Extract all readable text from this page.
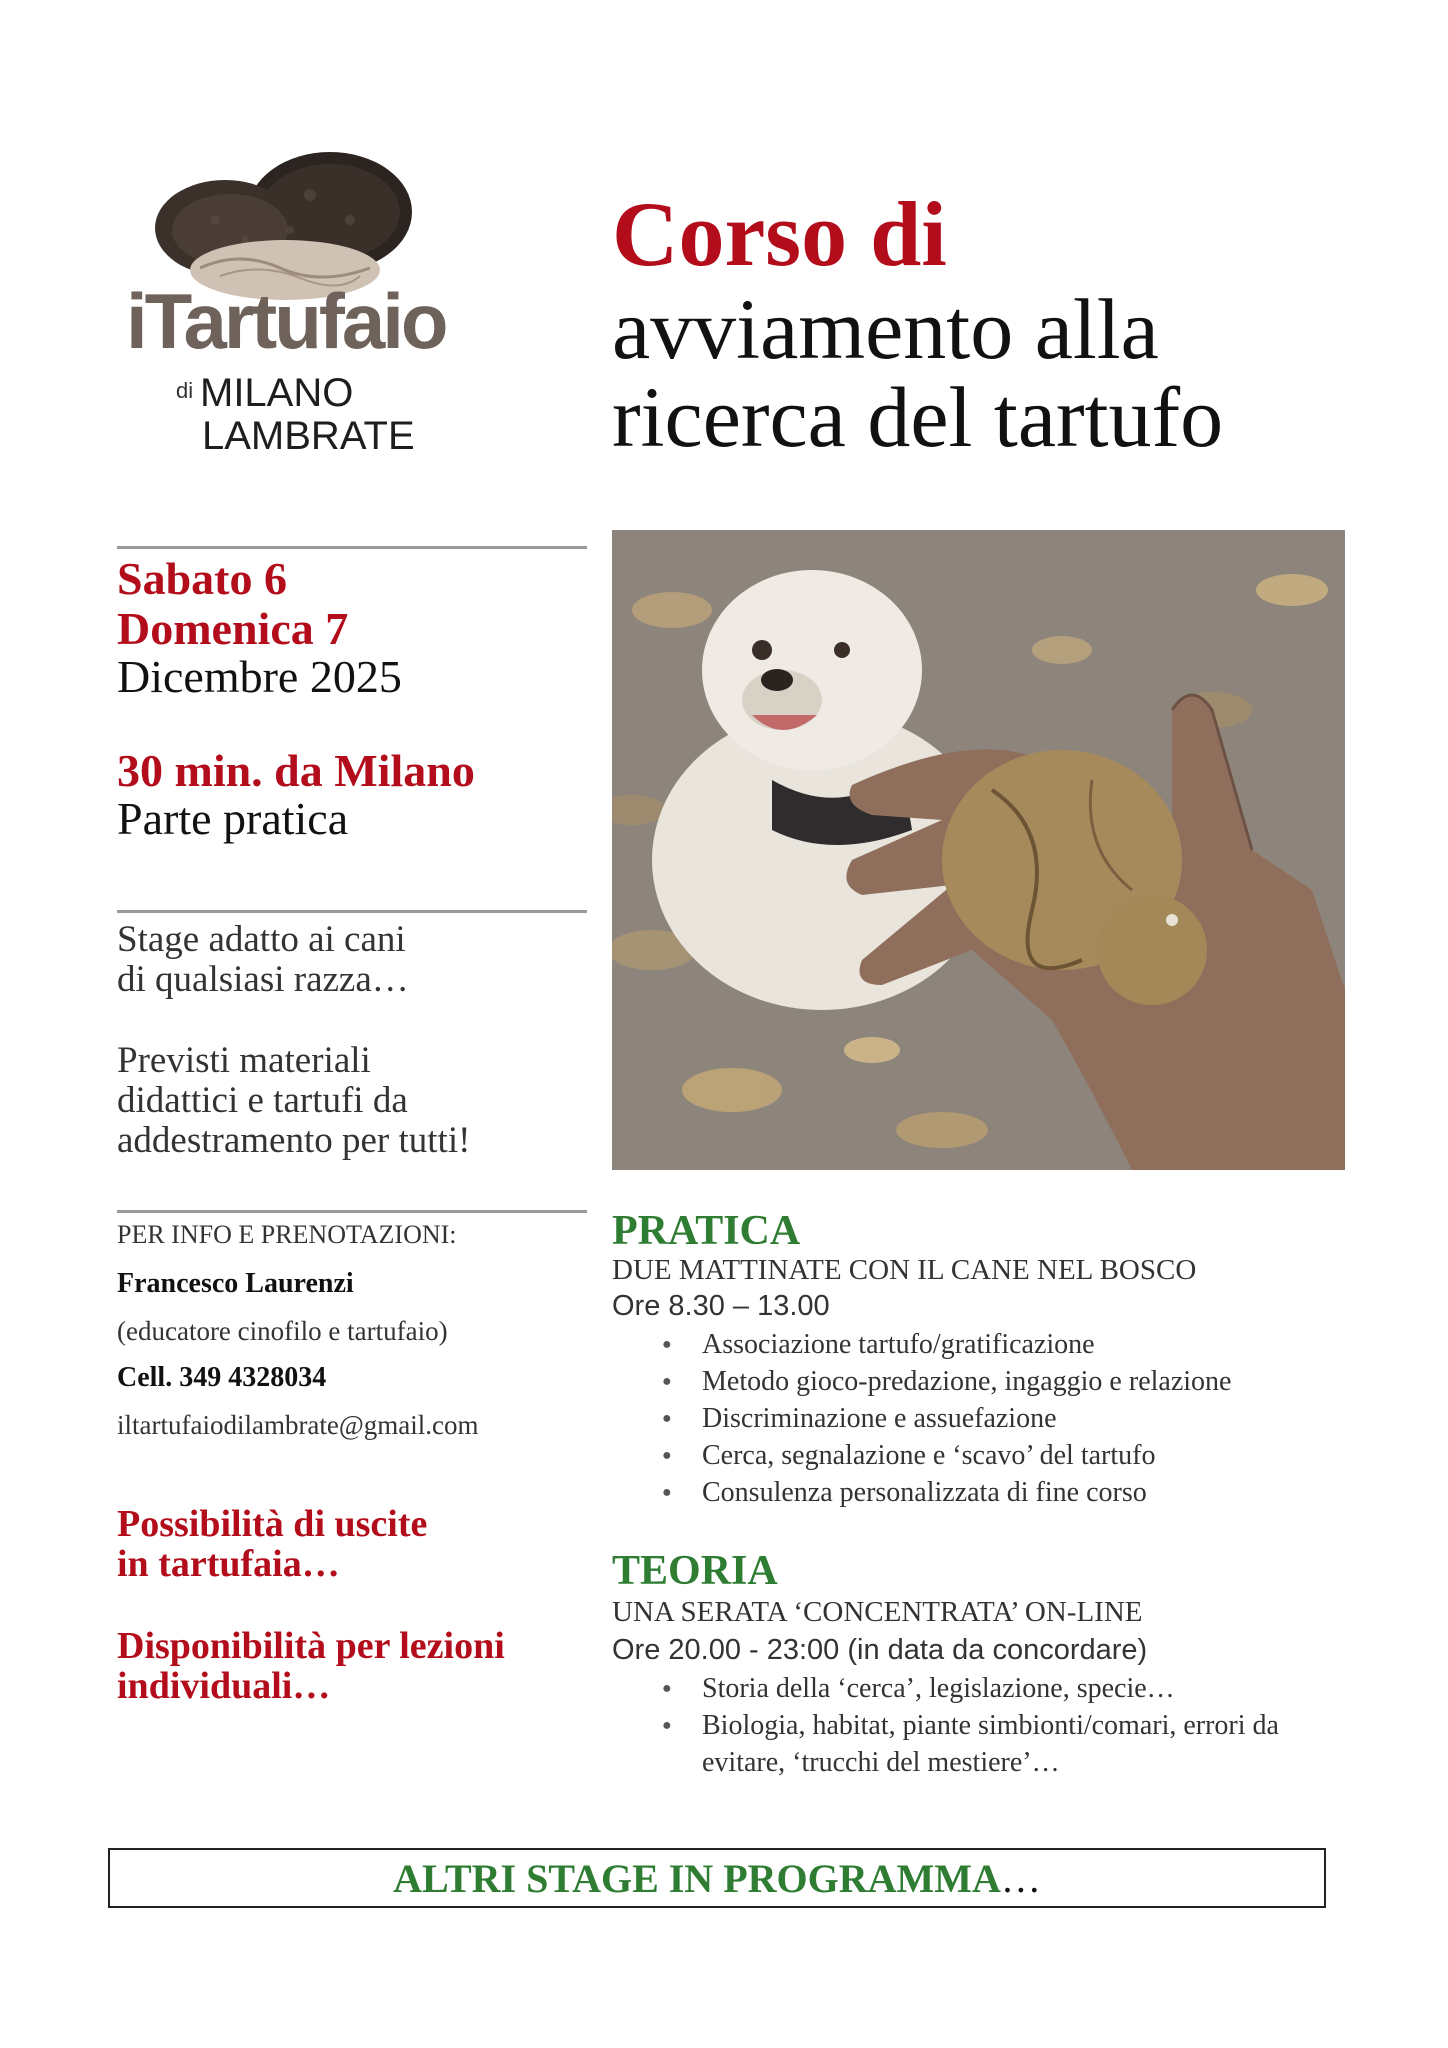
iTartufaio
di MILANO
LAMBRATE
Corso di
avviamento alla
ricerca del tartufo
Sabato 6
Domenica 7
Dicembre 2025
30 min. da Milano
Parte pratica
Stage adatto ai cani
di qualsiasi razza…
Previsti materiali
didattici e tartufi da
addestramento per tutti!
PER INFO E PRENOTAZIONI:
Francesco Laurenzi
(educatore cinofilo e tartufaio)
Cell. 349 4328034
iltartufaiodilambrate@gmail.com
Possibilità di uscite
in tartufaia…
Disponibilità per lezioni
individuali…
PRATICA
DUE MATTINATE CON IL CANE NEL BOSCO
Ore 8.30 – 13.00
● Associazione tartufo/gratificazione
● Metodo gioco-predazione, ingaggio e relazione
● Discriminazione e assuefazione
● Cerca, segnalazione e ‘scavo’ del tartufo
● Consulenza personalizzata di fine corso
TEORIA
UNA SERATA ‘CONCENTRATA’ ON-LINE
Ore 20.00 - 23:00 (in data da concordare)
● Storia della ‘cerca’, legislazione, specie…
● Biologia, habitat, piante simbionti/comari, errori da evitare, ‘trucchi del mestiere’…
ALTRI STAGE IN PROGRAMMA …
